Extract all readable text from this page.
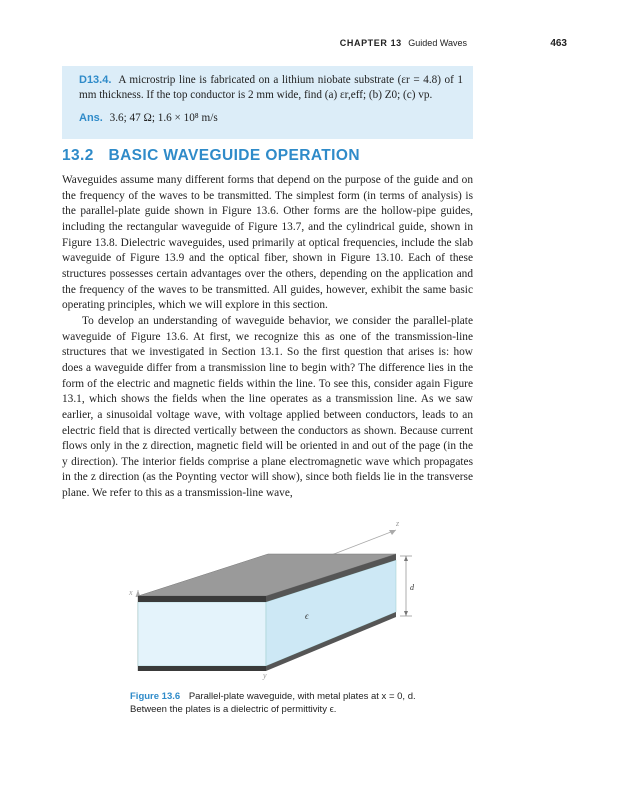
CHAPTER 13 Guided Waves	463

D13.4. A microstrip line is fabricated on a lithium niobate substrate (εr = 4.8) of 1 mm thickness. If the top conductor is 2 mm wide, find (a) εr,eff; (b) Z0; (c) vp.

Ans. 3.6; 47 Ω; 1.6 × 10⁸ m/s

13.2 BASIC WAVEGUIDE OPERATION

Waveguides assume many different forms that depend on the purpose of the guide and on the frequency of the waves to be transmitted. The simplest form (in terms of analysis) is the parallel-plate guide shown in Figure 13.6. Other forms are the hollow-pipe guides, including the rectangular waveguide of Figure 13.7, and the cylindrical guide, shown in Figure 13.8. Dielectric waveguides, used primarily at optical frequencies, include the slab waveguide of Figure 13.9 and the optical fiber, shown in Figure 13.10. Each of these structures possesses certain advantages over the others, depending on the application and the frequency of the waves to be transmitted. All guides, however, exhibit the same basic operating principles, which we will explore in this section.

To develop an understanding of waveguide behavior, we consider the parallel-plate waveguide of Figure 13.6. At first, we recognize this as one of the transmission-line structures that we investigated in Section 13.1. So the first question that arises is: how does a waveguide differ from a transmission line to begin with? The difference lies in the form of the electric and magnetic fields within the line. To see this, consider again Figure 13.1, which shows the fields when the line operates as a transmission line. As we saw earlier, a sinusoidal voltage wave, with voltage applied between conductors, leads to an electric field that is directed vertically between the conductors as shown. Because current flows only in the z direction, magnetic field will be oriented in and out of the page (in the y direction). The interior fields comprise a plane electromagnetic wave which propagates in the z direction (as the Poynting vector will show), since both fields lie in the transverse plane. We refer to this as a transmission-line wave,

z
x
y
d
ϵ
Figure 13.6 Parallel-plate waveguide, with metal plates at x = 0, d. Between the plates is a dielectric of permittivity ϵ.
